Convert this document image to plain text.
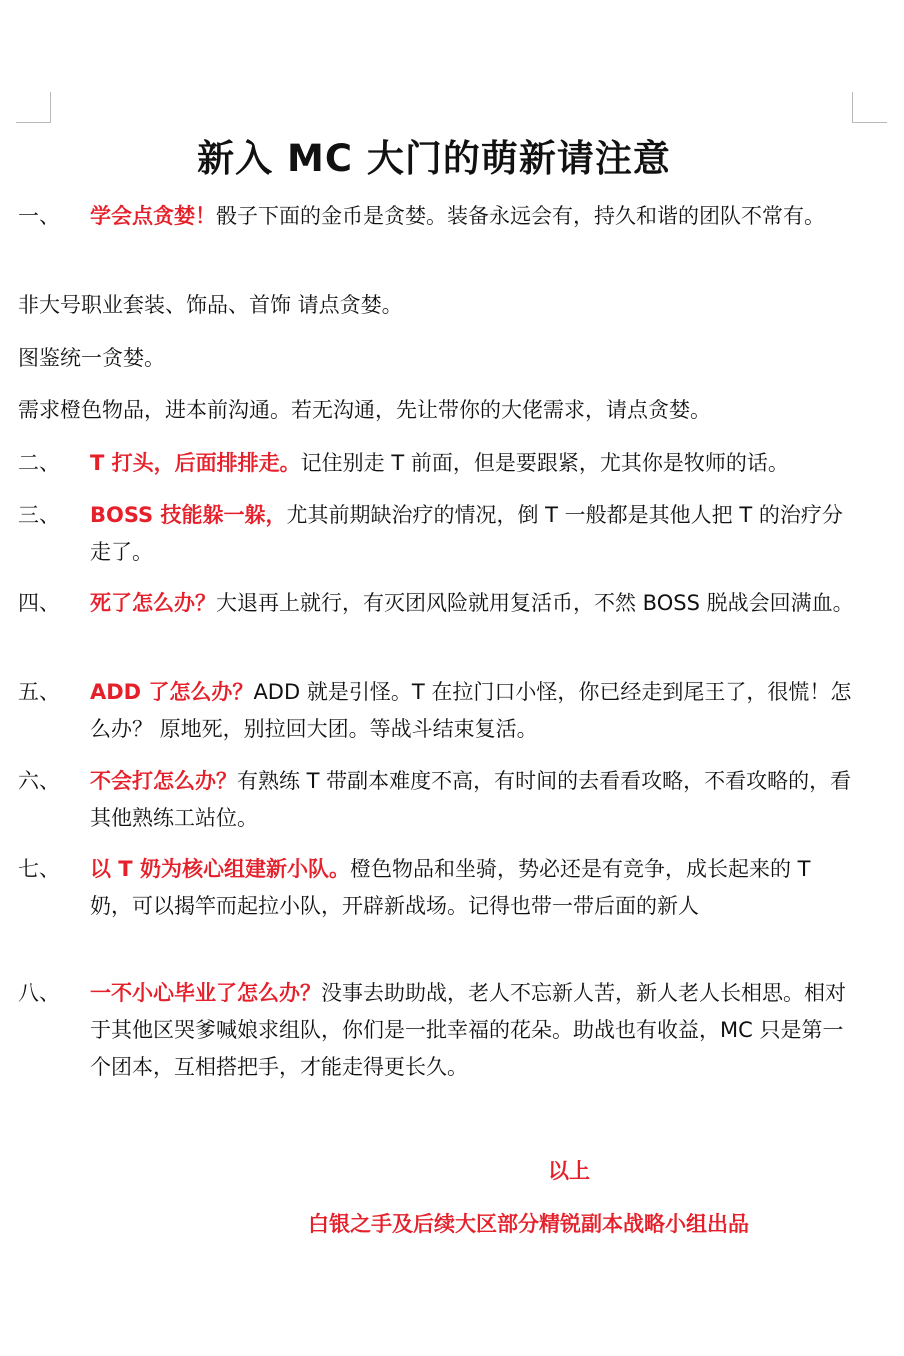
新入 MC 大门的萌新请注意
一、	学会点贪婪！骰子下面的金币是贪婪。装备永远会有，持久和谐的团队不常有。
非大号职业套装、饰品、首饰 请点贪婪。
图鉴统一贪婪。
需求橙色物品，进本前沟通。若无沟通，先让带你的大佬需求，请点贪婪。
二、	T 打头，后面排排走。记住别走 T 前面，但是要跟紧，尤其你是牧师的话。
三、	BOSS 技能躲一躲，尤其前期缺治疗的情况，倒 T 一般都是其他人把 T 的治疗分走了。
四、	死了怎么办？大退再上就行，有灭团风险就用复活币，不然 BOSS 脱战会回满血。
五、	ADD 了怎么办？ADD 就是引怪。T 在拉门口小怪，你已经走到尾王了，很慌！怎么办？ 原地死，别拉回大团。等战斗结束复活。
六、	不会打怎么办？有熟练 T 带副本难度不高，有时间的去看看攻略，不看攻略的，看其他熟练工站位。
七、	以 T 奶为核心组建新小队。橙色物品和坐骑，势必还是有竞争，成长起来的 T 奶，可以揭竿而起拉小队，开辟新战场。记得也带一带后面的新人
八、	一不小心毕业了怎么办？没事去助助战，老人不忘新人苦，新人老人长相思。相对于其他区哭爹喊娘求组队，你们是一批幸福的花朵。助战也有收益，MC 只是第一个团本，互相搭把手，才能走得更长久。
以上
白银之手及后续大区部分精锐副本战略小组出品
